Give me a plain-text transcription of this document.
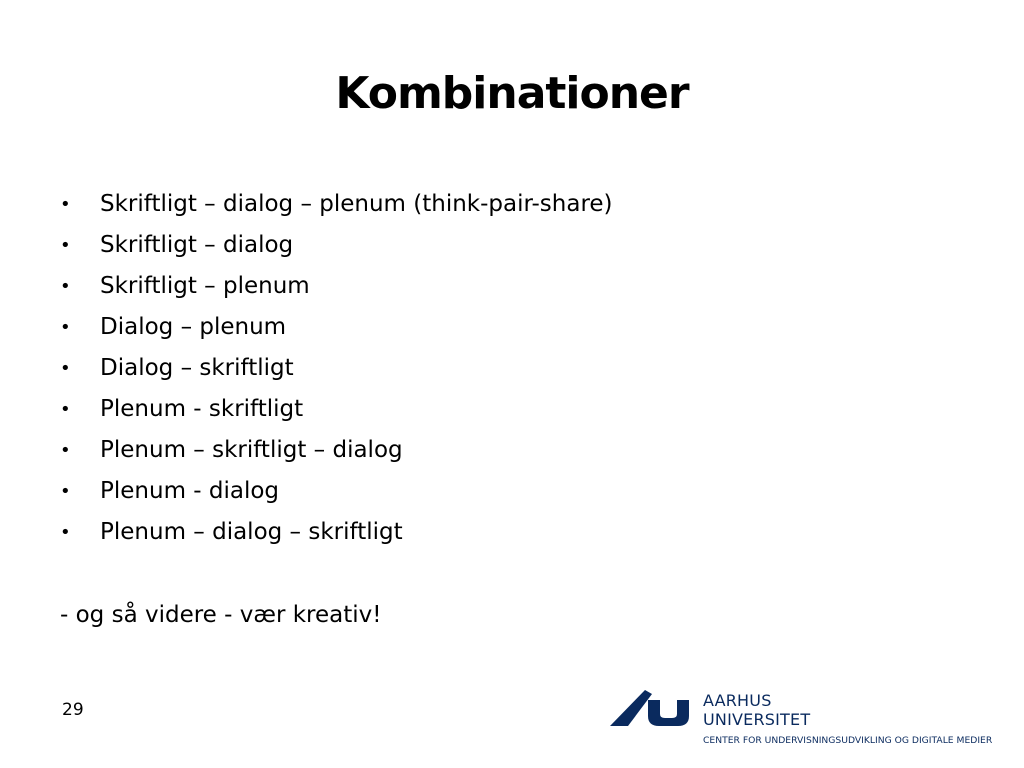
Kombinationer
• Skriftligt – dialog – plenum (think-pair-share)
• Skriftligt – dialog
• Skriftligt – plenum
• Dialog – plenum
• Dialog – skriftligt
• Plenum - skriftligt
• Plenum – skriftligt – dialog
• Plenum - dialog
• Plenum – dialog – skriftligt
- og så videre - vær kreativ!
29	AARHUS
UNIVERSITET
CENTER FOR UNDERVISNINGSUDVIKLING OG DIGITALE MEDIER
